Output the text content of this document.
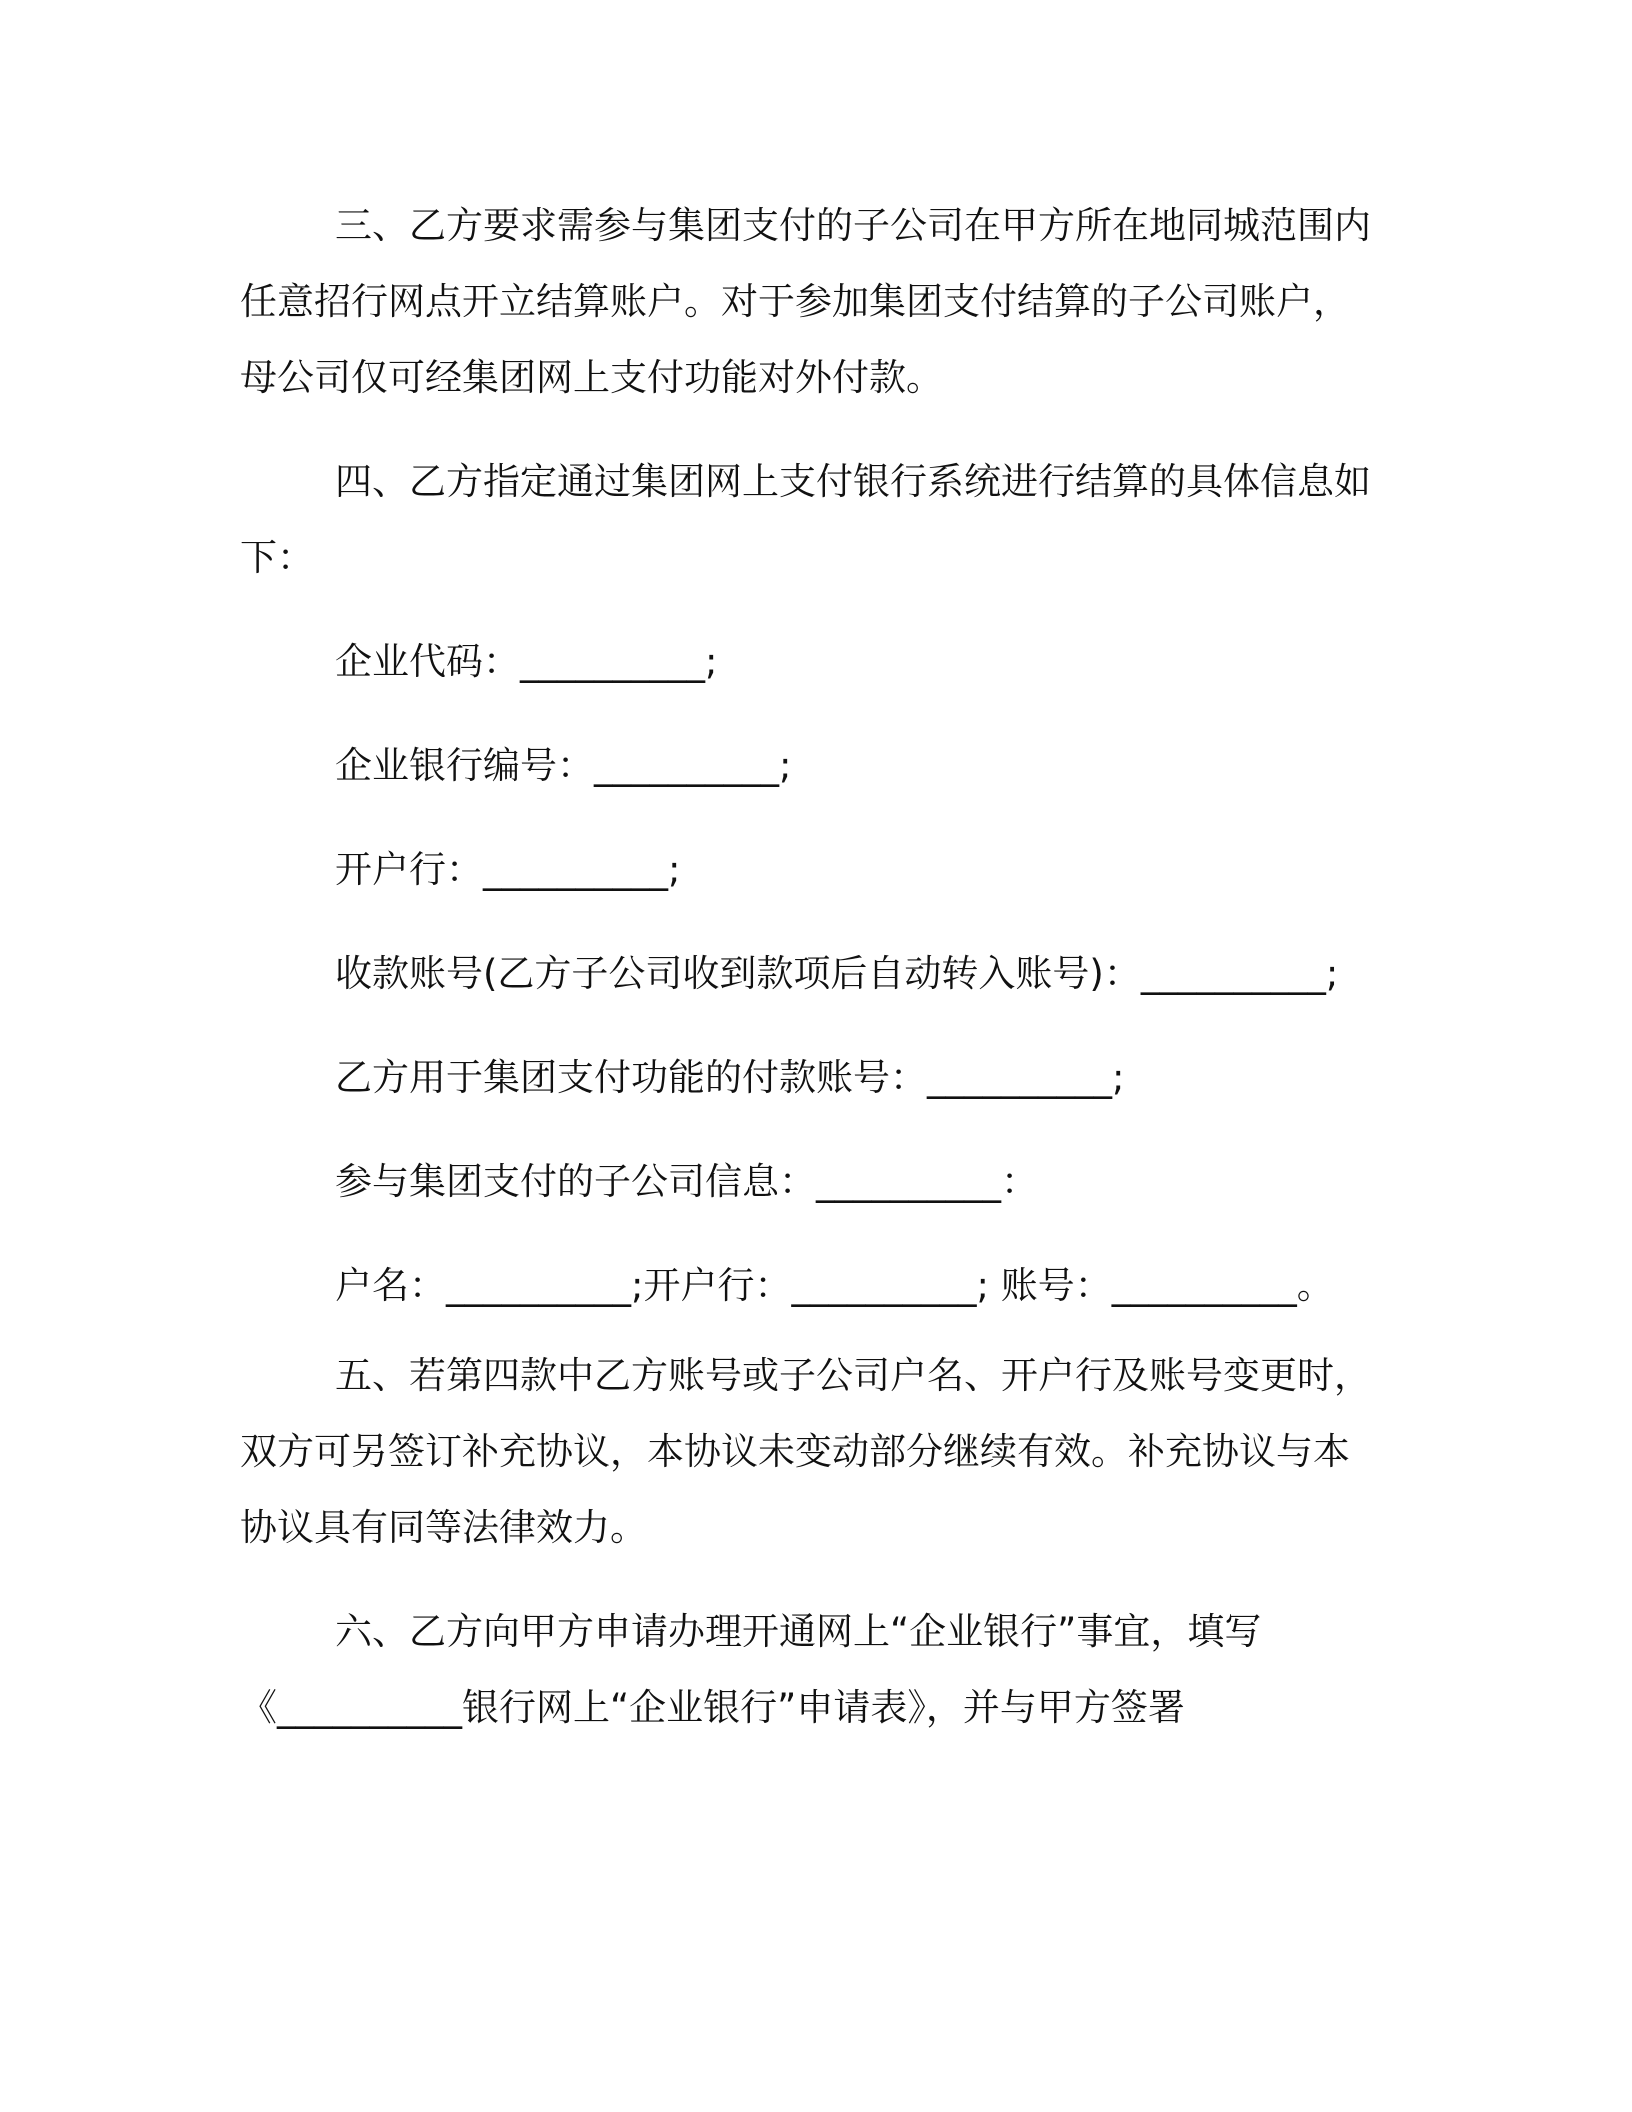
三、乙方要求需参与集团支付的子公司在甲方所在地同城范围内
任意招行网点开立结算账户。对于参加集团支付结算的子公司账户，
母公司仅可经集团网上支付功能对外付款。
四、乙方指定通过集团网上支付银行系统进行结算的具体信息如
下：
企业代码：__________;
企业银行编号：__________;
开户行：__________;
收款账号(乙方子公司收到款项后自动转入账号)：__________;
乙方用于集团支付功能的付款账号：__________;
参与集团支付的子公司信息：__________：
户名：__________;开户行：__________; 账号：__________。
五、若第四款中乙方账号或子公司户名、开户行及账号变更时，
双方可另签订补充协议，本协议未变动部分继续有效。补充协议与本
协议具有同等法律效力。
六、乙方向甲方申请办理开通网上“企业银行”事宜，填写
《__________银行网上“企业银行”申请表》，并与甲方签署
